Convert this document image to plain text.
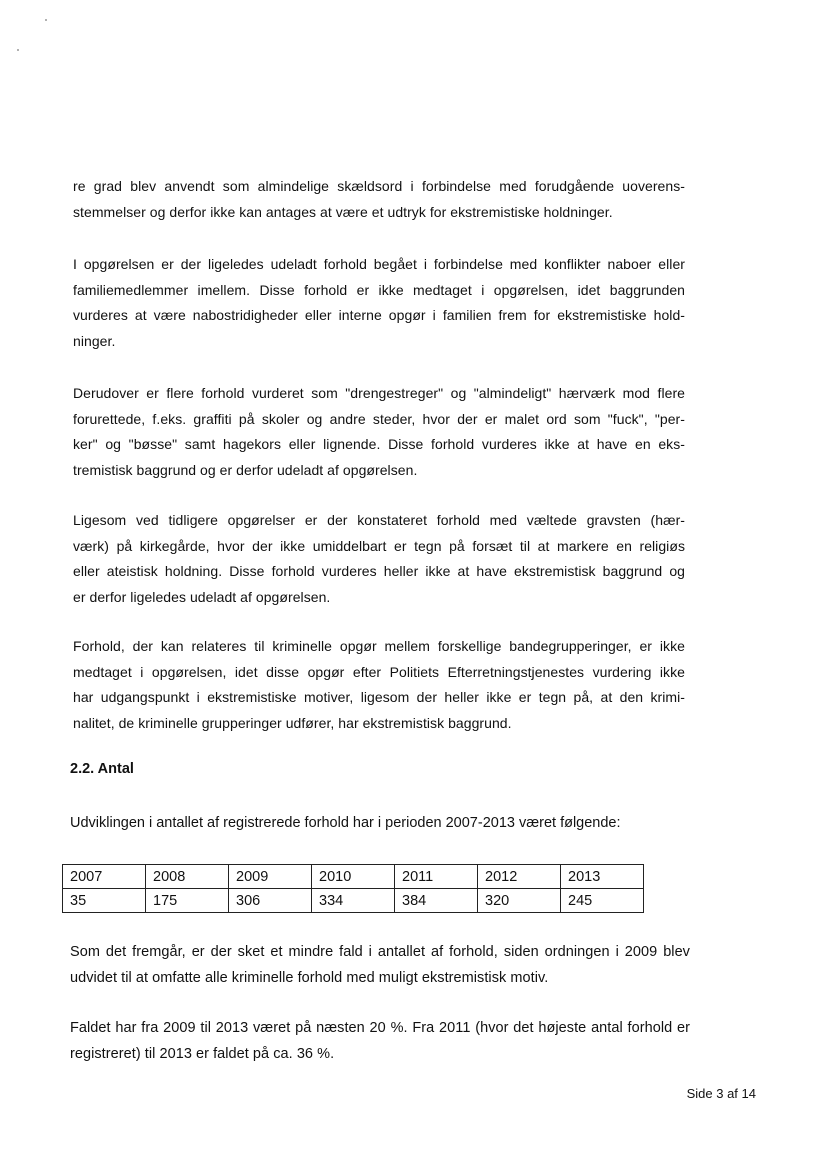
re grad blev anvendt som almindelige skældsord i forbindelse med forudgående uoverens-
stemmelser og derfor ikke kan antages at være et udtryk for ekstremistiske holdninger.
I opgørelsen er der ligeledes udeladt forhold begået i forbindelse med konflikter naboer eller
familiemedlemmer imellem. Disse forhold er ikke medtaget i opgørelsen, idet baggrunden
vurderes at være nabostridigheder eller interne opgør i familien frem for ekstremistiske hold-
ninger.
Derudover er flere forhold vurderet som "drengestreger" og "almindeligt" hærværk mod flere
forurettede, f.eks. graffiti på skoler og andre steder, hvor der er malet ord som "fuck", "per-
ker" og "bøsse" samt hagekors eller lignende. Disse forhold vurderes ikke at have en eks-
tremistisk baggrund og er derfor udeladt af opgørelsen.
Ligesom ved tidligere opgørelser er der konstateret forhold med væltede gravsten (hær-
værk) på kirkegårde, hvor der ikke umiddelbart er tegn på forsæt til at markere en religiøs
eller ateistisk holdning. Disse forhold vurderes heller ikke at have ekstremistisk baggrund og
er derfor ligeledes udeladt af opgørelsen.
Forhold, der kan relateres til kriminelle opgør mellem forskellige bandegrupperinger, er ikke
medtaget i opgørelsen, idet disse opgør efter Politiets Efterretningstjenestes vurdering ikke
har udgangspunkt i ekstremistiske motiver, ligesom der heller ikke er tegn på, at den krimi-
nalitet, de kriminelle grupperinger udfører, har ekstremistisk baggrund.
2.2. Antal
Udviklingen i antallet af registrerede forhold har i perioden 2007-2013 været følgende:
2007	2008	2009	2010	2011	2012	2013
35	175	306	334	384	320	245
Som det fremgår, er der sket et mindre fald i antallet af forhold, siden ordningen i 2009 blev
udvidet til at omfatte alle kriminelle forhold med muligt ekstremistisk motiv.
Faldet har fra 2009 til 2013 været på næsten 20 %. Fra 2011 (hvor det højeste antal forhold er
registreret) til 2013 er faldet på ca. 36 %.
Side 3 af 14
